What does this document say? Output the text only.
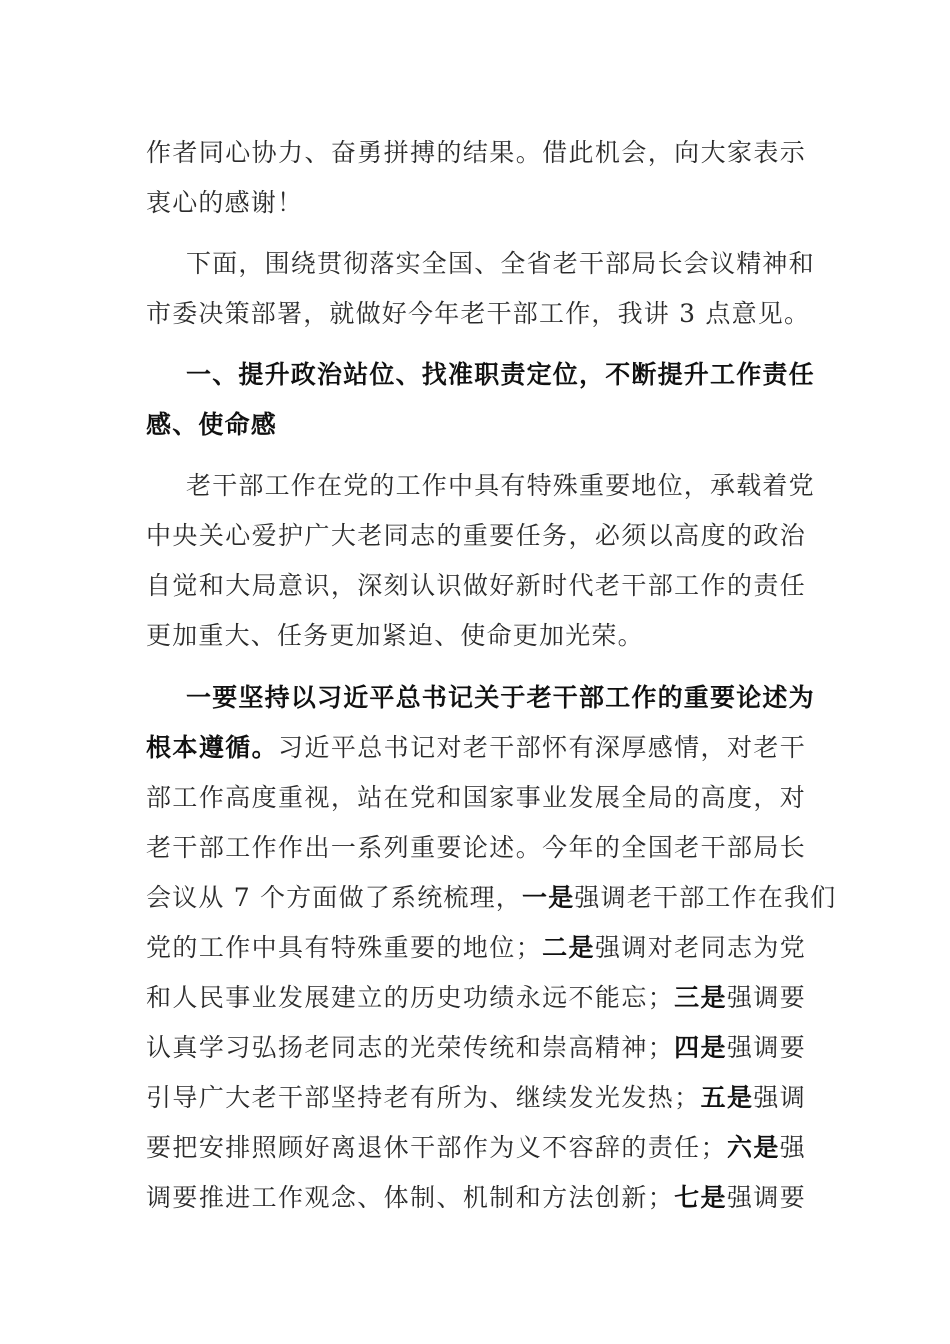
作者同心协力、奋勇拼搏的结果。借此机会，向大家表示
衷心的感谢！
下面，围绕贯彻落实全国、全省老干部局长会议精神和
市委决策部署，就做好今年老干部工作，我讲 3 点意见。
一、提升政治站位、找准职责定位，不断提升工作责任
感、使命感
老干部工作在党的工作中具有特殊重要地位，承载着党
中央关心爱护广大老同志的重要任务，必须以高度的政治
自觉和大局意识，深刻认识做好新时代老干部工作的责任
更加重大、任务更加紧迫、使命更加光荣。
一要坚持以习近平总书记关于老干部工作的重要论述为
根本遵循。习近平总书记对老干部怀有深厚感情，对老干
部工作高度重视，站在党和国家事业发展全局的高度，对
老干部工作作出一系列重要论述。今年的全国老干部局长
会议从 7 个方面做了系统梳理，一是强调老干部工作在我们
党的工作中具有特殊重要的地位；二是强调对老同志为党
和人民事业发展建立的历史功绩永远不能忘；三是强调要
认真学习弘扬老同志的光荣传统和崇高精神；四是强调要
引导广大老干部坚持老有所为、继续发光发热；五是强调
要把安排照顾好离退休干部作为义不容辞的责任；六是强
调要推进工作观念、体制、机制和方法创新；七是强调要
